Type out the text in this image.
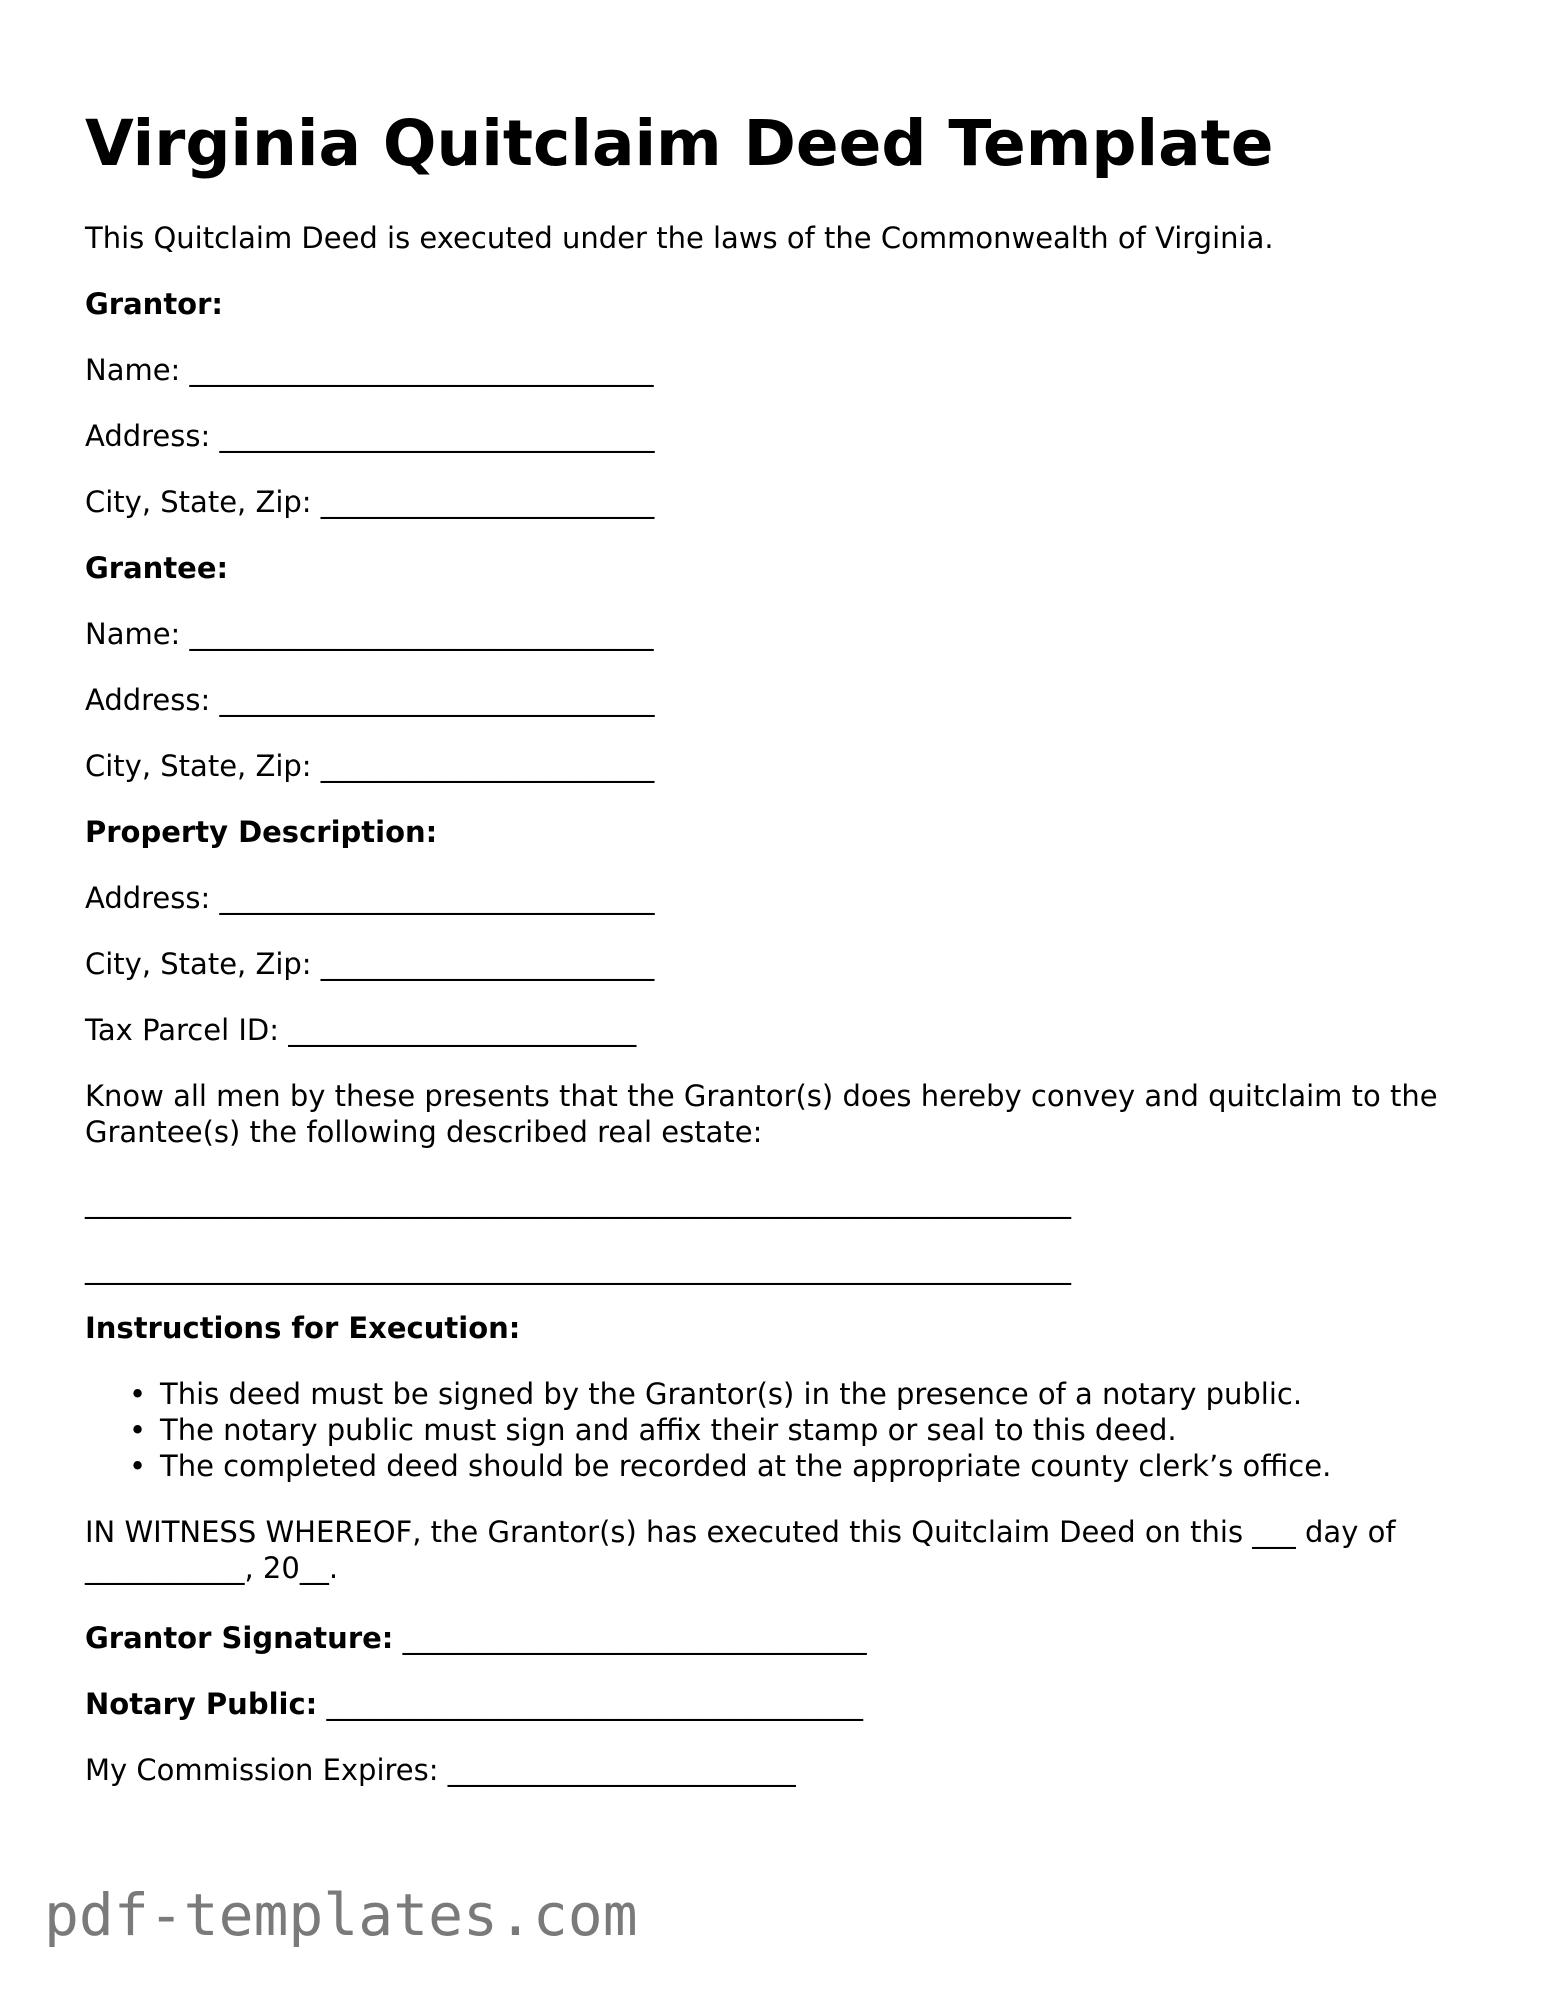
Virginia Quitclaim Deed Template

This Quitclaim Deed is executed under the laws of the Commonwealth of Virginia.

Grantor:

Name: ________________________________

Address: ______________________________

City, State, Zip: _______________________

Grantee:

Name: ________________________________

Address: ______________________________

City, State, Zip: _______________________

Property Description:

Address: ______________________________

City, State, Zip: _______________________

Tax Parcel ID: ________________________

Know all men by these presents that the Grantor(s) does hereby convey and quitclaim to the Grantee(s) the following described real estate:

____________________________________________________________________

____________________________________________________________________

Instructions for Execution:

• This deed must be signed by the Grantor(s) in the presence of a notary public.
• The notary public must sign and affix their stamp or seal to this deed.
• The completed deed should be recorded at the appropriate county clerk’s office.

IN WITNESS WHEREOF, the Grantor(s) has executed this Quitclaim Deed on this ___ day of ___________, 20__.

Grantor Signature: ________________________________

Notary Public: _____________________________________

My Commission Expires: ________________________

pdf-templates.com
